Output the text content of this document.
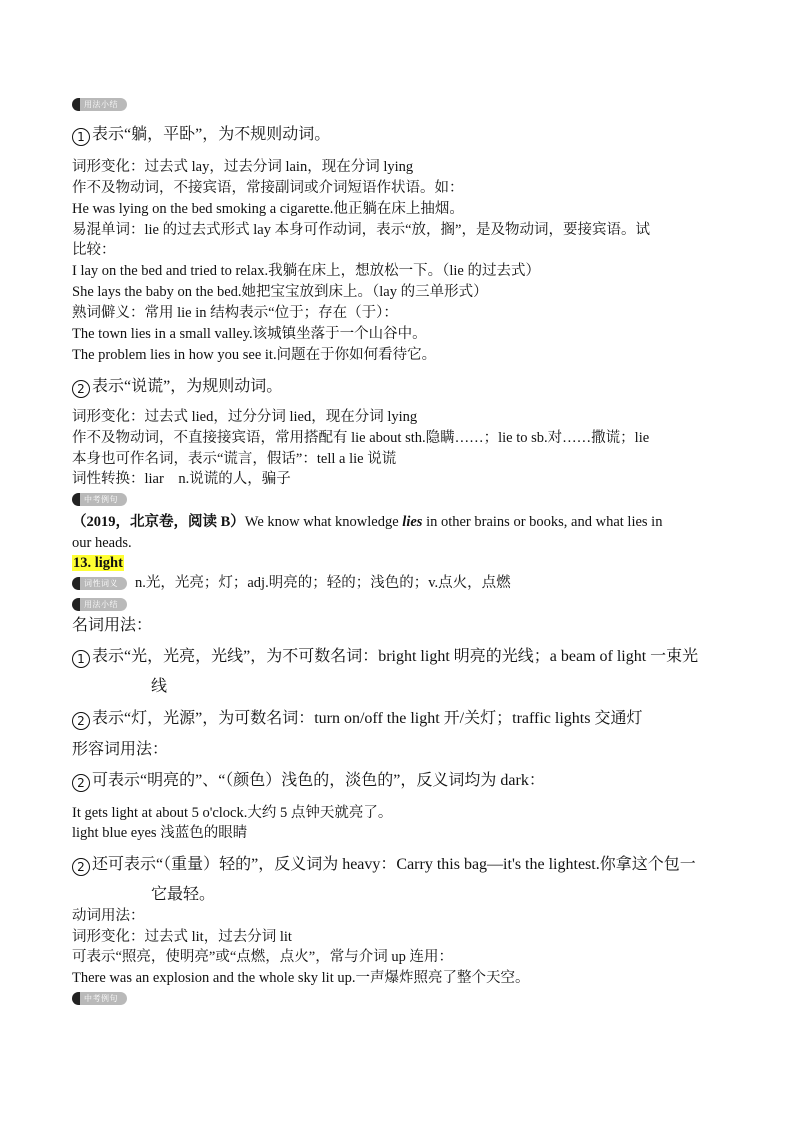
用法小结
1 表示“躺，平卧”，为不规则动词。
词形变化：过去式 lay，过去分词 lain，现在分词 lying
作不及物动词，不接宾语，常接副词或介词短语作状语。如：
He was lying on the bed smoking a cigarette.他正躺在床上抽烟。
易混单词：lie 的过去式形式 lay 本身可作动词，表示“放，搁”，是及物动词，要接宾语。试
比较：
I lay on the bed and tried to relax.我躺在床上，想放松一下。（lie 的过去式）
She lays the baby on the bed.她把宝宝放到床上。（lay 的三单形式）
熟词僻义：常用 lie in 结构表示“位于；存在（于）：
The town lies in a small valley.该城镇坐落于一个山谷中。
The problem lies in how you see it.问题在于你如何看待它。
2 表示“说谎”，为规则动词。
词形变化：过去式 lied，过分分词 lied，现在分词 lying
作不及物动词，不直接接宾语，常用搭配有 lie about sth.隐瞒……；lie to sb.对……撒谎；lie
本身也可作名词，表示“谎言，假话”：tell a lie 说谎
词性转换：liar　n.说谎的人，骗子
中考例句
（2019，北京卷，阅读 B）We know what knowledge lies in other brains or books, and what lies in
our heads.
13. light
词性词义	n.光，光亮；灯；adj.明亮的；轻的；浅色的；v.点火，点燃
用法小结
名词用法：
1 表示“光，光亮，光线”，为不可数名词：bright light 明亮的光线；a beam of light 一束光
线
2 表示“灯，光源”，为可数名词：turn on/off the light 开/关灯；traffic lights 交通灯
形容词用法：
2 可表示“明亮的”、“（颜色）浅色的，淡色的”，反义词均为 dark：
It gets light at about 5 o'clock.大约 5 点钟天就亮了。
light blue eyes 浅蓝色的眼睛
2 还可表示“（重量）轻的”，反义词为 heavy：Carry this bag—it's the lightest.你拿这个包一
它最轻。
动词用法：
词形变化：过去式 lit，过去分词 lit
可表示“照亮，使明亮”或“点燃，点火”，常与介词 up 连用：
There was an explosion and the whole sky lit up.一声爆炸照亮了整个天空。
中考例句
